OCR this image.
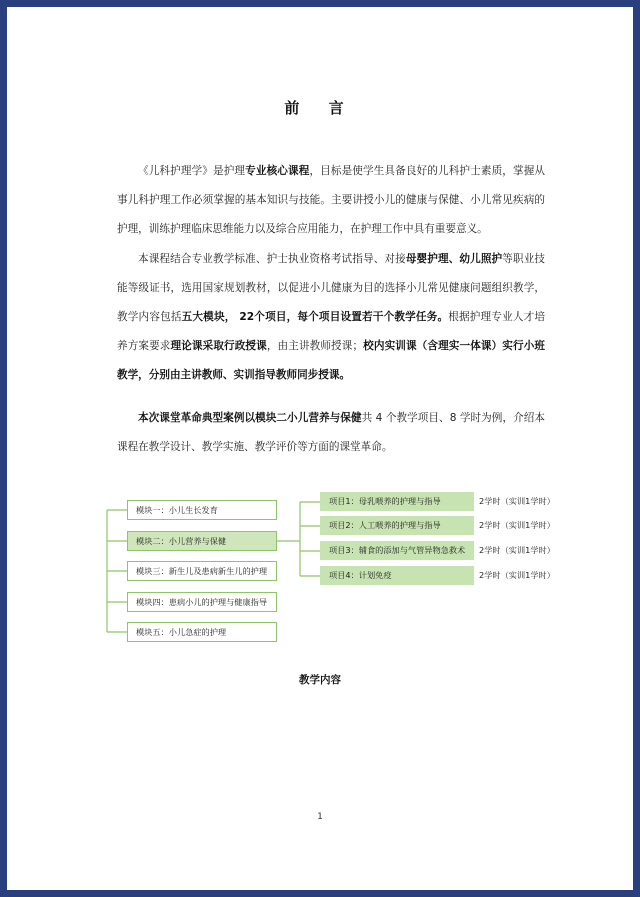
前 言

《儿科护理学》是护理专业核心课程，目标是使学生具备良好的儿科护士素质，掌握从事儿科护理工作必须掌握的基本知识与技能。主要讲授小儿的健康与保健、小儿常见疾病的护理，训练护理临床思维能力以及综合应用能力，在护理工作中具有重要意义。

本课程结合专业教学标准、护士执业资格考试指导、对接母婴护理、幼儿照护等职业技能等级证书，选用国家规划教材，以促进小儿健康为目的选择小儿常见健康问题组织教学，教学内容包括五大模块， 22个项目，每个项目设置若干个教学任务。根据护理专业人才培养方案要求理论课采取行政授课，由主讲教师授课；校内实训课（含理实一体课）实行小班教学，分别由主讲教师、实训指导教师同步授课。

本次课堂革命典型案例以模块二小儿营养与保健共 4 个教学项目、8 学时为例，介绍本课程在教学设计、教学实施、教学评价等方面的课堂革命。

模块一：小儿生长发育
模块二：小儿营养与保健
模块三：新生儿及患病新生儿的护理
模块四：患病小儿的护理与健康指导
模块五：小儿急症的护理
项目1：母乳喂养的护理与指导	2学时（实训1学时）
项目2：人工喂养的护理与指导	2学时（实训1学时）
项目3：辅食的添加与气管异物急救术	2学时（实训1学时）
项目4：计划免疫	2学时（实训1学时）
教学内容
1
